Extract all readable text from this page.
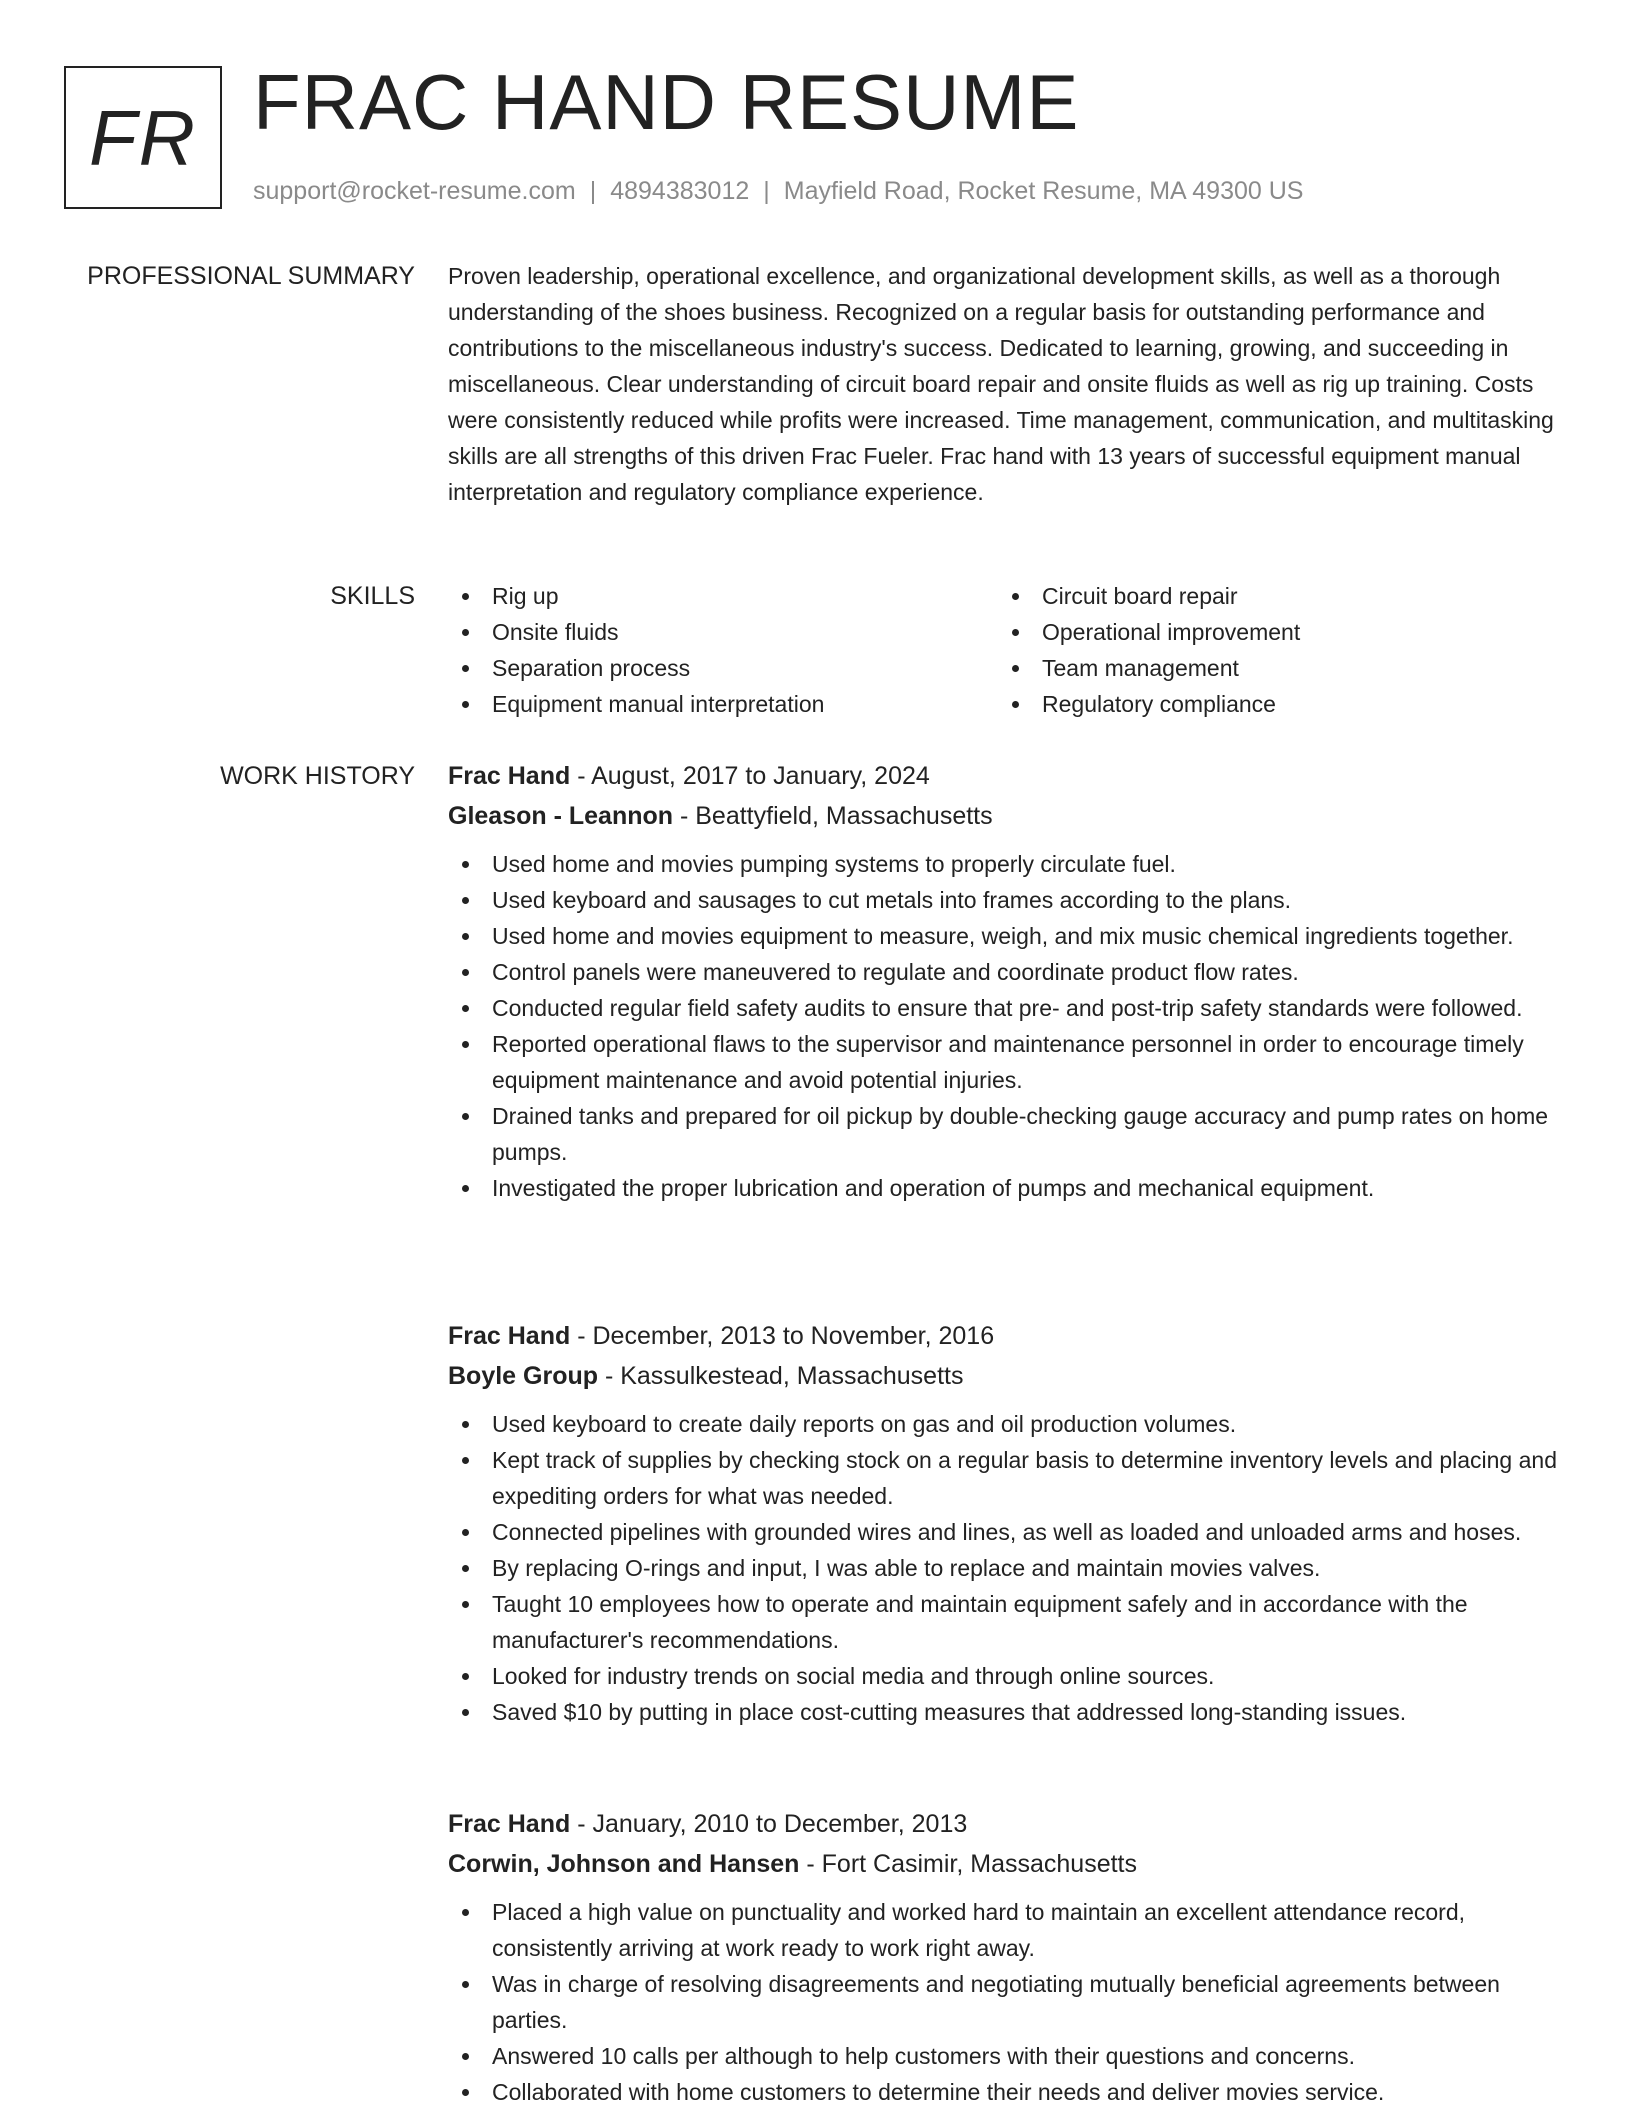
FR FRAC HAND RESUME
support@rocket-resume.com | 4894383012 | Mayfield Road, Rocket Resume, MA 49300 US
PROFESSIONAL SUMMARY Proven leadership, operational excellence, and organizational development skills, as well as a thorough understanding of the shoes business. Recognized on a regular basis for outstanding performance and contributions to the miscellaneous industry's success. Dedicated to learning, growing, and succeeding in miscellaneous. Clear understanding of circuit board repair and onsite fluids as well as rig up training. Costs were consistently reduced while profits were increased. Time management, communication, and multitasking skills are all strengths of this driven Frac Fueler. Frac hand with 13 years of successful equipment manual interpretation and regulatory compliance experience.

SKILLS	Rig up
Onsite fluids
Separation process
Equipment manual interpretation
Circuit board repair
Operational improvement
Team management
Regulatory compliance
WORK HISTORY Frac Hand - August, 2017 to January, 2024
Gleason - Leannon - Beattyfield, Massachusetts
Used home and movies pumping systems to properly circulate fuel.
Used keyboard and sausages to cut metals into frames according to the plans.
Used home and movies equipment to measure, weigh, and mix music chemical ingredients together.
Control panels were maneuvered to regulate and coordinate product flow rates.
Conducted regular field safety audits to ensure that pre- and post-trip safety standards were followed.
Reported operational flaws to the supervisor and maintenance personnel in order to encourage timely equipment maintenance and avoid potential injuries.
Drained tanks and prepared for oil pickup by double-checking gauge accuracy and pump rates on home pumps.
Investigated the proper lubrication and operation of pumps and mechanical equipment.
Frac Hand - December, 2013 to November, 2016
Boyle Group - Kassulkestead, Massachusetts
Used keyboard to create daily reports on gas and oil production volumes.
Kept track of supplies by checking stock on a regular basis to determine inventory levels and placing and expediting orders for what was needed.
Connected pipelines with grounded wires and lines, as well as loaded and unloaded arms and hoses.
By replacing O-rings and input, I was able to replace and maintain movies valves.
Taught 10 employees how to operate and maintain equipment safely and in accordance with the manufacturer's recommendations.
Looked for industry trends on social media and through online sources.
Saved $10 by putting in place cost-cutting measures that addressed long-standing issues.
Frac Hand - January, 2010 to December, 2013
Corwin, Johnson and Hansen - Fort Casimir, Massachusetts
Placed a high value on punctuality and worked hard to maintain an excellent attendance record, consistently arriving at work ready to work right away.
Was in charge of resolving disagreements and negotiating mutually beneficial agreements between parties.
Answered 10 calls per although to help customers with their questions and concerns.
Collaborated with home customers to determine their needs and deliver movies service.
